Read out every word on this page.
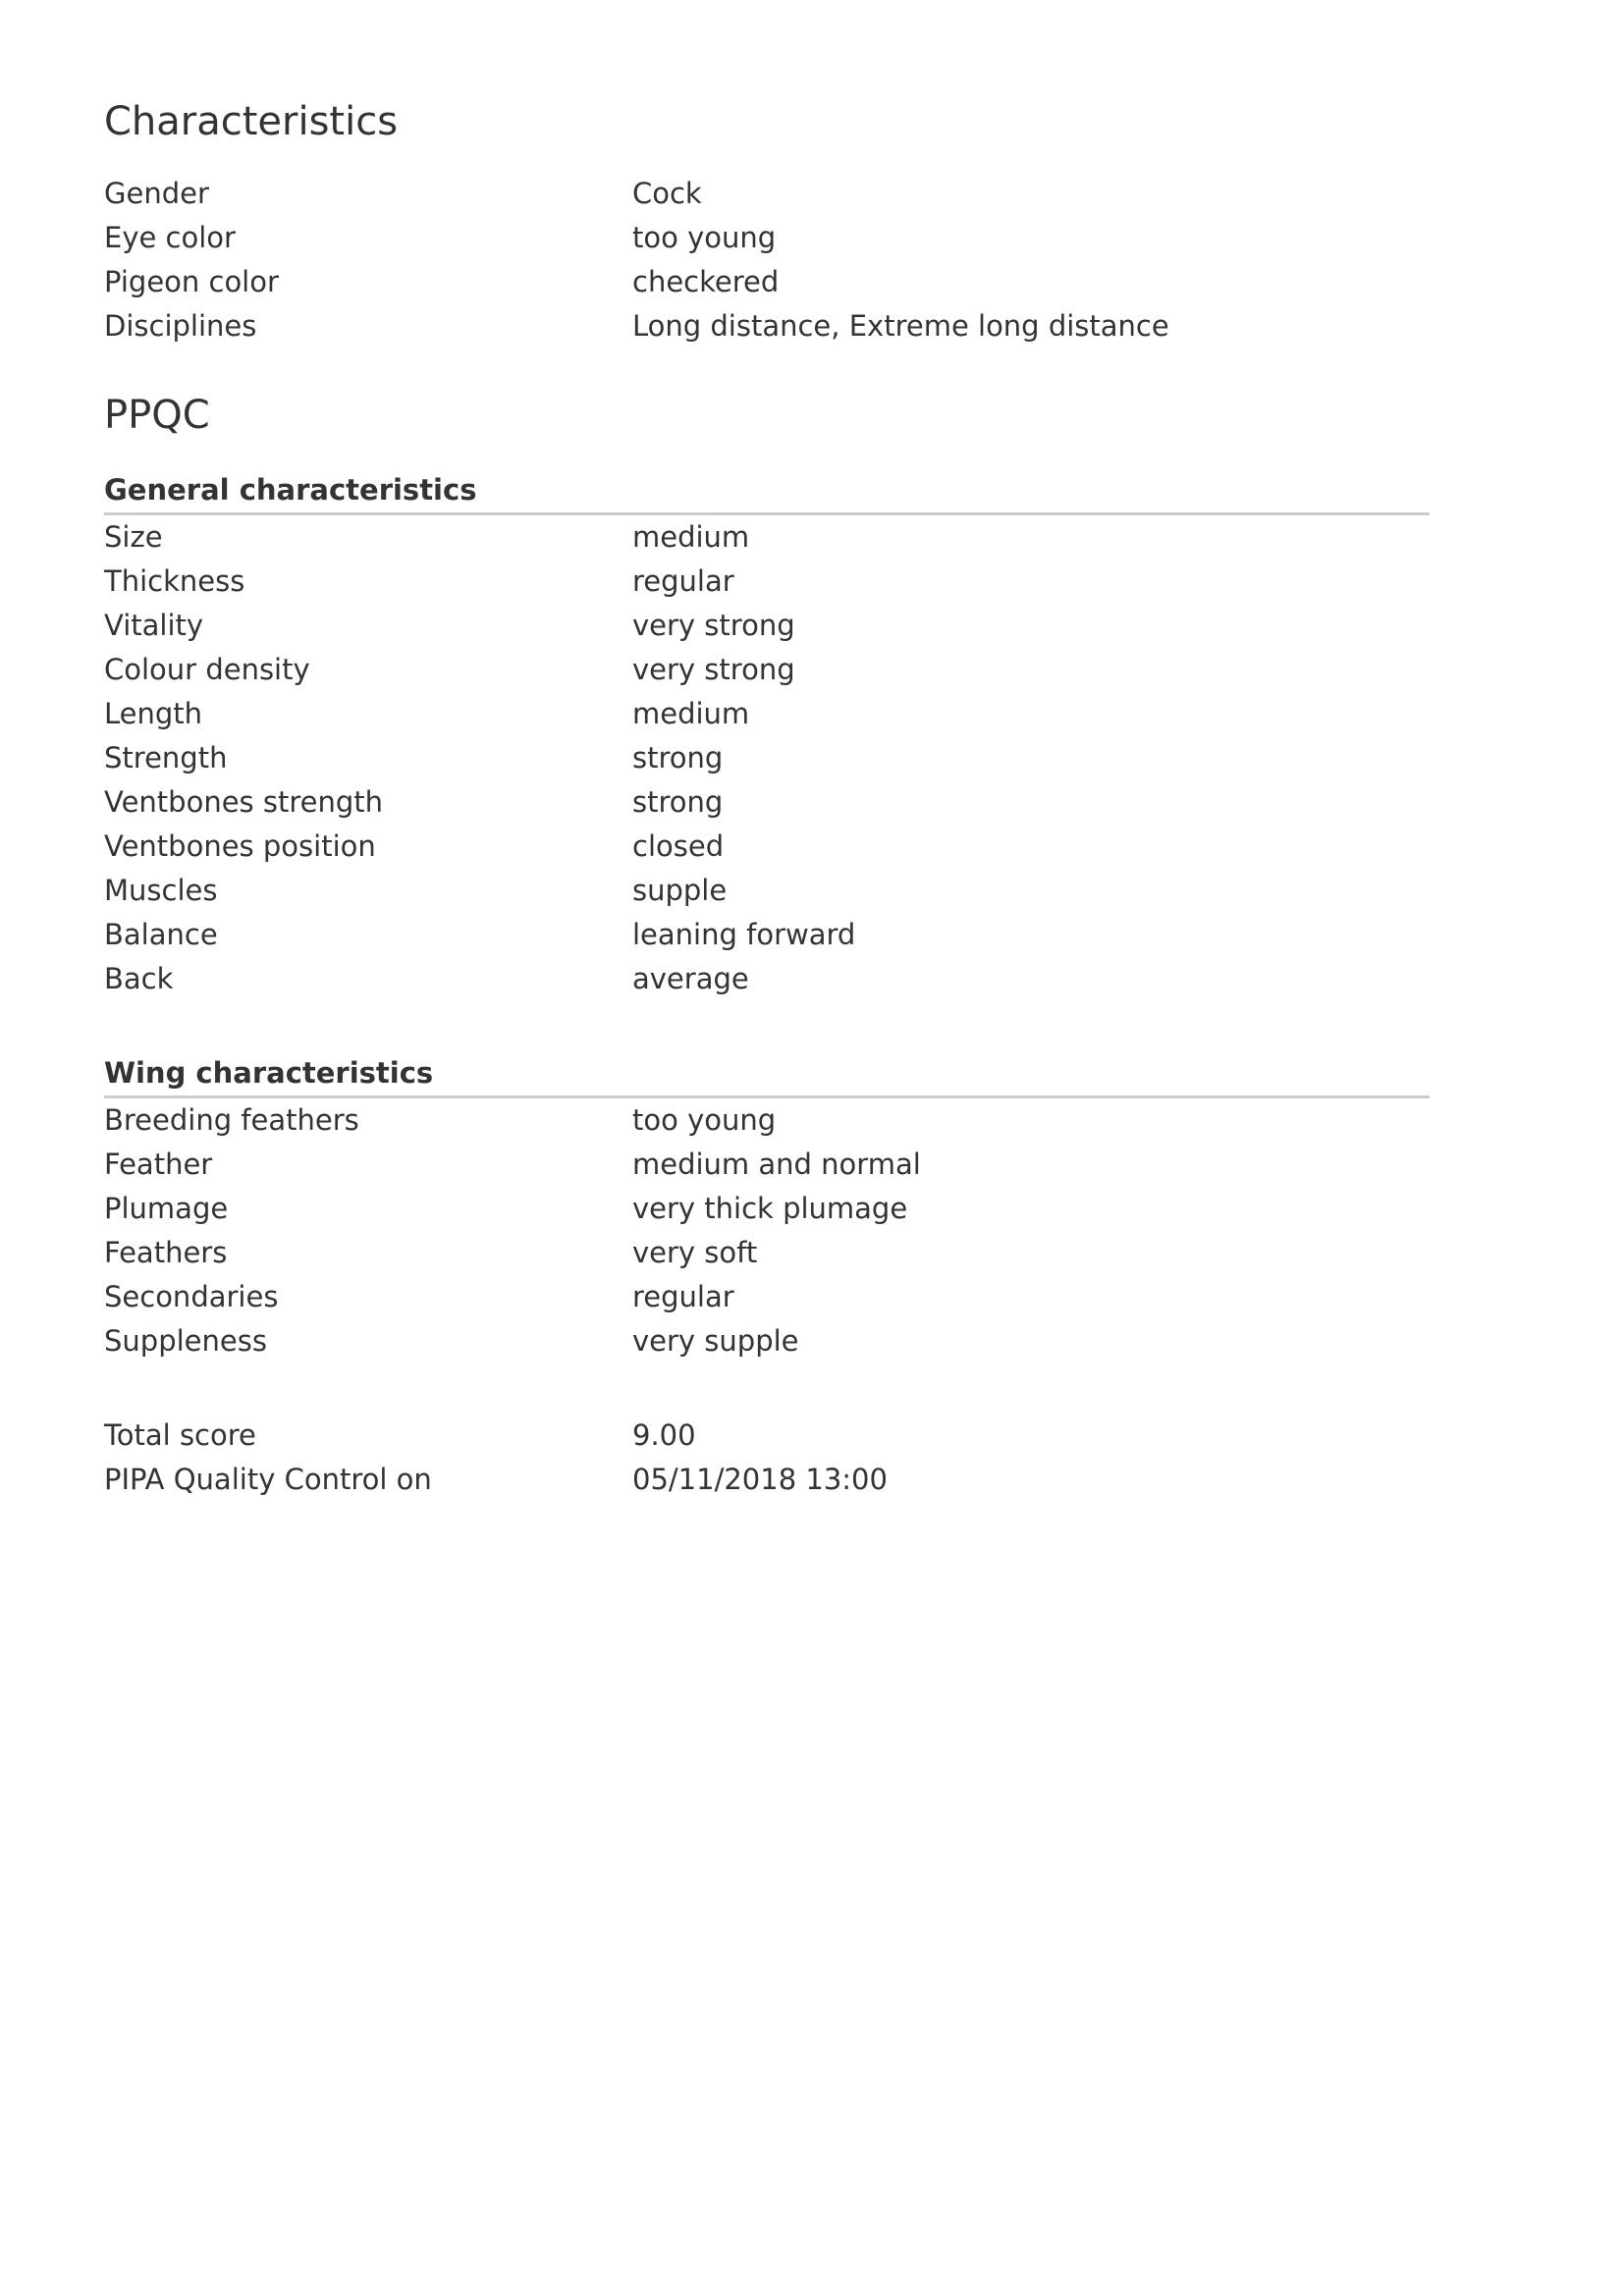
Characteristics
Gender	Cock
Eye color	too young
Pigeon color	checkered
Disciplines	Long distance, Extreme long distance
PPQC
General characteristics
Size	medium
Thickness	regular
Vitality	very strong
Colour density	very strong
Length	medium
Strength	strong
Ventbones strength	strong
Ventbones position	closed
Muscles	supple
Balance	leaning forward
Back	average
Wing characteristics
Breeding feathers	too young
Feather	medium and normal
Plumage	very thick plumage
Feathers	very soft
Secondaries	regular
Suppleness	very supple
Total score	9.00
PIPA Quality Control on	05/11/2018 13:00
